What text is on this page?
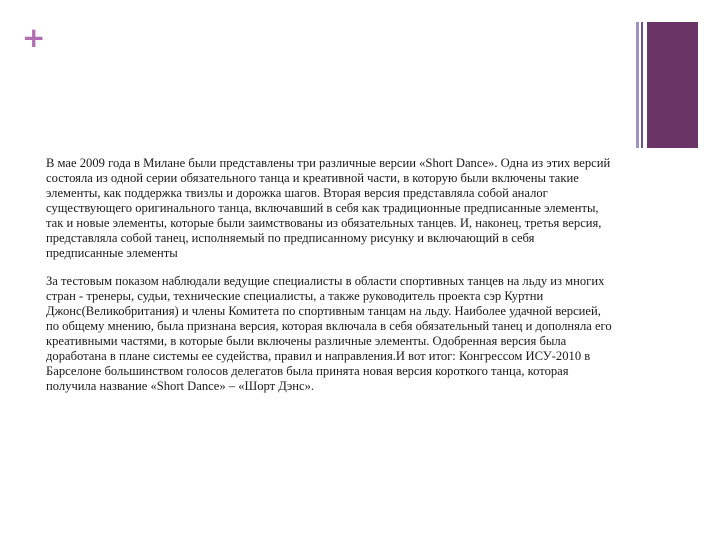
+

В мае 2009 года в Милане были представлены три различные версии «Short Dance». Одна из этих версий состояла из одной серии обязательного танца и креативной части, в которую были включены такие элементы, как поддержка твизлы и дорожка шагов. Вторая версия представляла собой аналог существующего оригинального танца, включавший в себя как традиционные предписанные элементы, так и новые элементы, которые были заимствованы из обязательных танцев. И, наконец, третья версия, представляла собой танец, исполняемый по предписанному рисунку и включающий в себя предписанные элементы

За тестовым показом наблюдали ведущие специалисты в области спортивных танцев на льду из многих стран - тренеры, судьи, технические специалисты, а также руководитель проекта сэр Куртни Джонс(Великобритания) и члены Комитета по спортивным танцам на льду. Наиболее удачной версией, по общему мнению, была признана версия, которая включала в себя обязательный танец и дополняла его креативными частями, в которые были включены различные элементы. Одобренная версия была доработана в плане системы ее судейства, правил и направления.И вот итог: Конгрессом ИСУ-2010 в Барселоне большинством голосов делегатов была принята новая версия короткого танца, которая получила название «Short Dance» – «Шорт Дэнс».
